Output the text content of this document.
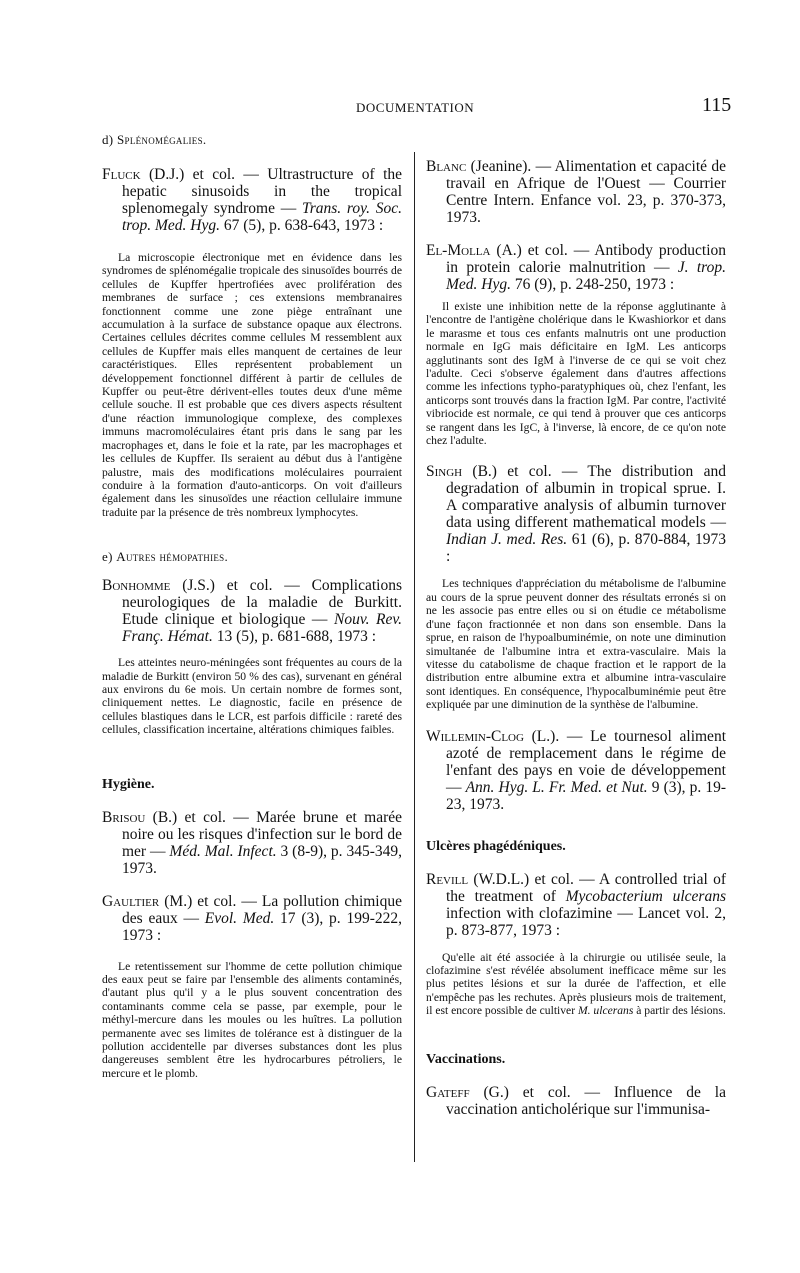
DOCUMENTATION	115

d) Splénomégalies.

Fluck (D.J.) et col. — Ultrastructure of the hepatic sinusoids in the tropical splenomegaly syndrome — Trans. roy. Soc. trop. Med. Hyg. 67 (5), p. 638-643, 1973 :

La microscopie électronique met en évidence dans les syndromes de splénomégalie tropicale des sinusoïdes bourrés de cellules de Kupffer hpertrofiées avec prolifération des membranes de surface ; ces extensions membranaires fonctionnent comme une zone piège entraînant une accumulation à la surface de substance opaque aux électrons. Certaines cellules décrites comme cellules M ressemblent aux cellules de Kupffer mais elles manquent de certaines de leur caractéristiques. Elles représentent probablement un développement fonctionnel différent à partir de cellules de Kupffer ou peut-être dérivent-elles toutes deux d'une même cellule souche. Il est probable que ces divers aspects résultent d'une réaction immunologique complexe, des complexes immuns macromoléculaires étant pris dans le sang par les macrophages et, dans le foie et la rate, par les macrophages et les cellules de Kupffer. Ils seraient au début dus à l'antigène palustre, mais des modifications moléculaires pourraient conduire à la formation d'auto-anticorps. On voit d'ailleurs également dans les sinusoïdes une réaction cellulaire immune traduite par la présence de très nombreux lymphocytes.

e) Autres hémopathies.

Bonhomme (J.S.) et col. — Complications neurologiques de la maladie de Burkitt. Etude clinique et biologique — Nouv. Rev. Franç. Hémat. 13 (5), p. 681-688, 1973 :

Les atteintes neuro-méningées sont fréquentes au cours de la maladie de Burkitt (environ 50 % des cas), survenant en général aux environs du 6e mois. Un certain nombre de formes sont, cliniquement nettes. Le diagnostic, facile en présence de cellules blastiques dans le LCR, est parfois difficile : rareté des cellules, classification incertaine, altérations chimiques faibles.

Hygiène.

Brisou (B.) et col. — Marée brune et marée noire ou les risques d'infection sur le bord de mer — Méd. Mal. Infect. 3 (8-9), p. 345-349, 1973.

Gaultier (M.) et col. — La pollution chimique des eaux — Evol. Med. 17 (3), p. 199-222, 1973 :

Le retentissement sur l'homme de cette pollution chimique des eaux peut se faire par l'ensemble des aliments contaminés, d'autant plus qu'il y a le plus souvent concentration des contaminants comme cela se passe, par exemple, pour le méthyl-mercure dans les moules ou les huîtres. La pollution permanente avec ses limites de tolérance est à distinguer de la pollution accidentelle par diverses substances dont les plus dangereuses semblent être les hydrocarbures pétroliers, le mercure et le plomb.

Blanc (Jeanine). — Alimentation et capacité de travail en Afrique de l'Ouest — Courrier Centre Intern. Enfance vol. 23, p. 370-373, 1973.

El-Molla (A.) et col. — Antibody production in protein calorie malnutrition — J. trop. Med. Hyg. 76 (9), p. 248-250, 1973 :

Il existe une inhibition nette de la réponse agglutinante à l'encontre de l'antigène cholérique dans le Kwashiorkor et dans le marasme et tous ces enfants malnutris ont une production normale en IgG mais déficitaire en IgM. Les anticorps agglutinants sont des IgM à l'inverse de ce qui se voit chez l'adulte. Ceci s'observe également dans d'autres affections comme les infections typho-paratyphiques où, chez l'enfant, les anticorps sont trouvés dans la fraction IgM. Par contre, l'activité vibriocide est normale, ce qui tend à prouver que ces anticorps se rangent dans les IgC, à l'inverse, là encore, de ce qu'on note chez l'adulte.

Singh (B.) et col. — The distribution and degradation of albumin in tropical sprue. I. A comparative analysis of albumin turnover data using different mathematical models — Indian J. med. Res. 61 (6), p. 870-884, 1973 :

Les techniques d'appréciation du métabolisme de l'albumine au cours de la sprue peuvent donner des résultats erronés si on ne les associe pas entre elles ou si on étudie ce métabolisme d'une façon fractionnée et non dans son ensemble. Dans la sprue, en raison de l'hypoalbuminémie, on note une diminution simultanée de l'albumine intra et extra-vasculaire. Mais la vitesse du catabolisme de chaque fraction et le rapport de la distribution entre albumine extra et albumine intra-vasculaire sont identiques. En conséquence, l'hypocalbuminémie peut être expliquée par une diminution de la synthèse de l'albumine.

Willemin-Clog (L.). — Le tournesol aliment azoté de remplacement dans le régime de l'enfant des pays en voie de développement — Ann. Hyg. L. Fr. Med. et Nut. 9 (3), p. 19-23, 1973.

Ulcères phagédéniques.

Revill (W.D.L.) et col. — A controlled trial of the treatment of Mycobacterium ulcerans infection with clofazimine — Lancet vol. 2, p. 873-877, 1973 :

Qu'elle ait été associée à la chirurgie ou utilisée seule, la clofazimine s'est révélée absolument inefficace même sur les plus petites lésions et sur la durée de l'affection, et elle n'empêche pas les rechutes. Après plusieurs mois de traitement, il est encore possible de cultiver M. ulcerans à partir des lésions.

Vaccinations.

Gateff (G.) et col. — Influence de la vaccination anticholérique sur l'immunisa-
